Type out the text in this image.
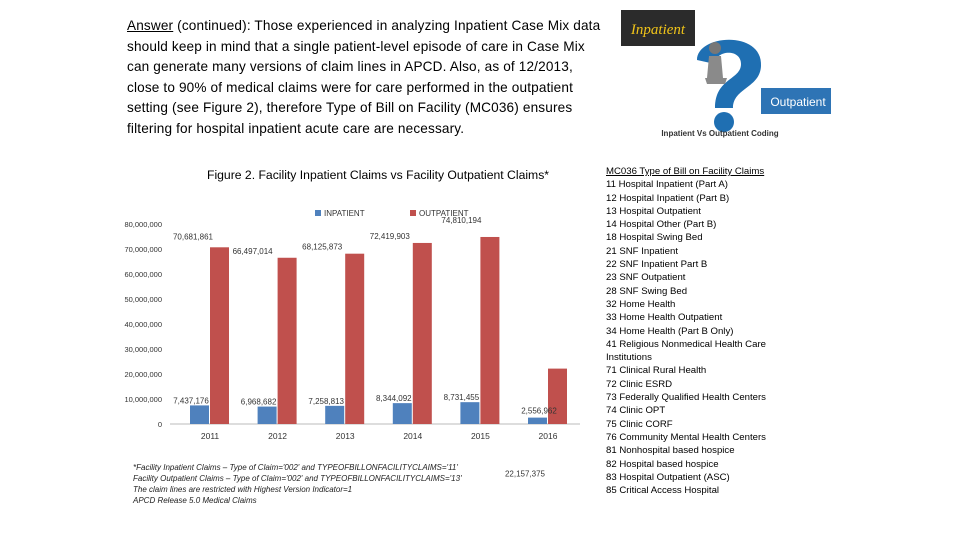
Answer (continued): Those experienced in analyzing Inpatient Case Mix data should keep in mind that a single patient-level episode of care in Case Mix can generate many versions of claim lines in APCD. Also, as of 12/2013, close to 90% of medical claims were for care performed in the outpatient setting (see Figure 2), therefore Type of Bill on Facility (MC036) ensures filtering for hospital inpatient acute care are necessary.
Inpatient
Outpatient
Inpatient Vs Outpatient Coding
Figure 2. Facility Inpatient Claims vs Facility Outpatient Claims*
0
10,000,000
20,000,000
30,000,000
40,000,000
50,000,000
60,000,000
70,000,000
80,000,000
INPATIENT	OUTPATIENT
2011
7,437,176
70,681,861
2012
6,968,682
66,497,014
2013
7,258,813
68,125,873
2014
8,344,092
72,419,903
2015
8,731,455
74,810,194
2016
2,556,962
22,157,375
*Facility Inpatient Claims – Type of Claim='002' and TYPEOFBILLONFACILITYCLAIMS='11'
Facility Outpatient Claims – Type of Claim='002' and TYPEOFBILLONFACILITYCLAIMS='13'
The claim lines are restricted with Highest Version Indicator=1
APCD Release 5.0 Medical Claims
MC036 Type of Bill on Facility Claims
11 Hospital Inpatient (Part A)
12 Hospital Inpatient (Part B)
13 Hospital Outpatient
14 Hospital Other (Part B)
18 Hospital Swing Bed
21 SNF Inpatient
22 SNF Inpatient Part B
23 SNF Outpatient
28 SNF Swing Bed
32 Home Health
33 Home Health Outpatient
34 Home Health (Part B Only)
41 Religious Nonmedical Health Care
Institutions
71 Clinical Rural Health
72 Clinic ESRD
73 Federally Qualified Health Centers
74 Clinic OPT
75 Clinic CORF
76 Community Mental Health Centers
81 Nonhospital based hospice
82 Hospital based hospice
83 Hospital Outpatient (ASC)
85 Critical Access Hospital
